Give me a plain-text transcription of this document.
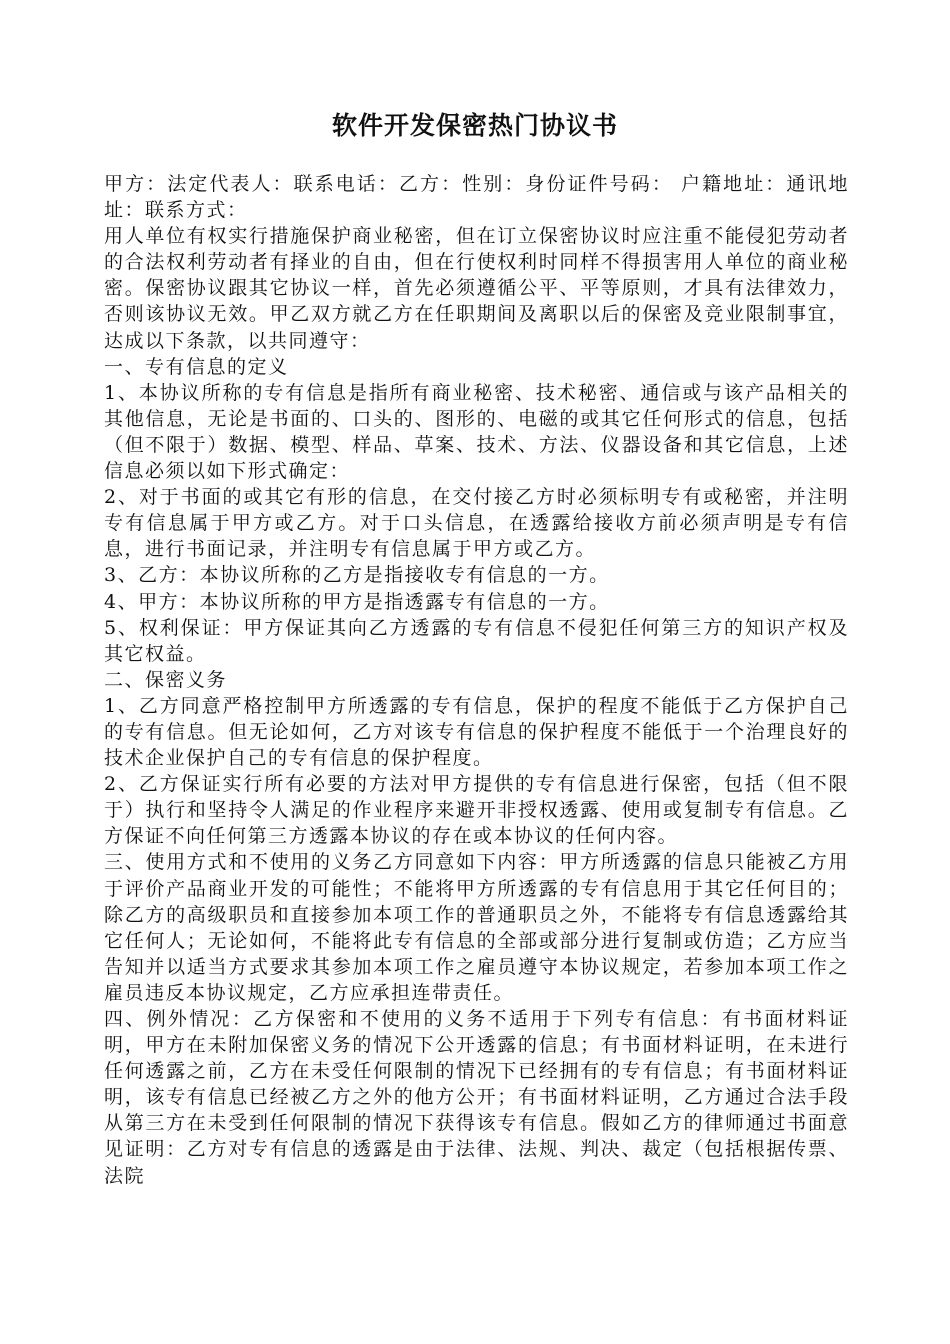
软件开发保密热门协议书

甲方：法定代表人：联系电话：乙方：性别：身份证件号码： 户籍地址：通讯地址：联系方式：

用人单位有权实行措施保护商业秘密，但在订立保密协议时应注重不能侵犯劳动者的合法权利劳动者有择业的自由，但在行使权利时同样不得损害用人单位的商业秘密。保密协议跟其它协议一样，首先必须遵循公平、平等原则，才具有法律效力，否则该协议无效。甲乙双方就乙方在任职期间及离职以后的保密及竞业限制事宜，达成以下条款，以共同遵守：

一、专有信息的定义

1、本协议所称的专有信息是指所有商业秘密、技术秘密、通信或与该产品相关的其他信息，无论是书面的、口头的、图形的、电磁的或其它任何形式的信息，包括（但不限于）数据、模型、样品、草案、技术、方法、仪器设备和其它信息，上述信息必须以如下形式确定：

2、对于书面的或其它有形的信息，在交付接乙方时必须标明专有或秘密，并注明专有信息属于甲方或乙方。对于口头信息，在透露给接收方前必须声明是专有信息，进行书面记录，并注明专有信息属于甲方或乙方。

3、乙方：本协议所称的乙方是指接收专有信息的一方。

4、甲方：本协议所称的甲方是指透露专有信息的一方。

5、权利保证：甲方保证其向乙方透露的专有信息不侵犯任何第三方的知识产权及其它权益。

二、保密义务

1、乙方同意严格控制甲方所透露的专有信息，保护的程度不能低于乙方保护自己的专有信息。但无论如何，乙方对该专有信息的保护程度不能低于一个治理良好的技术企业保护自己的专有信息的保护程度。

2、乙方保证实行所有必要的方法对甲方提供的专有信息进行保密，包括（但不限于）执行和坚持令人满足的作业程序来避开非授权透露、使用或复制专有信息。乙方保证不向任何第三方透露本协议的存在或本协议的任何内容。

三、使用方式和不使用的义务乙方同意如下内容：甲方所透露的信息只能被乙方用于评价产品商业开发的可能性；不能将甲方所透露的专有信息用于其它任何目的；除乙方的高级职员和直接参加本项工作的普通职员之外，不能将专有信息透露给其它任何人；无论如何，不能将此专有信息的全部或部分进行复制或仿造；乙方应当告知并以适当方式要求其参加本项工作之雇员遵守本协议规定，若参加本项工作之雇员违反本协议规定，乙方应承担连带责任。

四、例外情况：乙方保密和不使用的义务不适用于下列专有信息：有书面材料证明，甲方在未附加保密义务的情况下公开透露的信息；有书面材料证明，在未进行任何透露之前，乙方在未受任何限制的情况下已经拥有的专有信息；有书面材料证明，该专有信息已经被乙方之外的他方公开；有书面材料证明，乙方通过合法手段从第三方在未受到任何限制的情况下获得该专有信息。假如乙方的律师通过书面意见证明：乙方对专有信息的透露是由于法律、法规、判决、裁定（包括根据传票、法院
